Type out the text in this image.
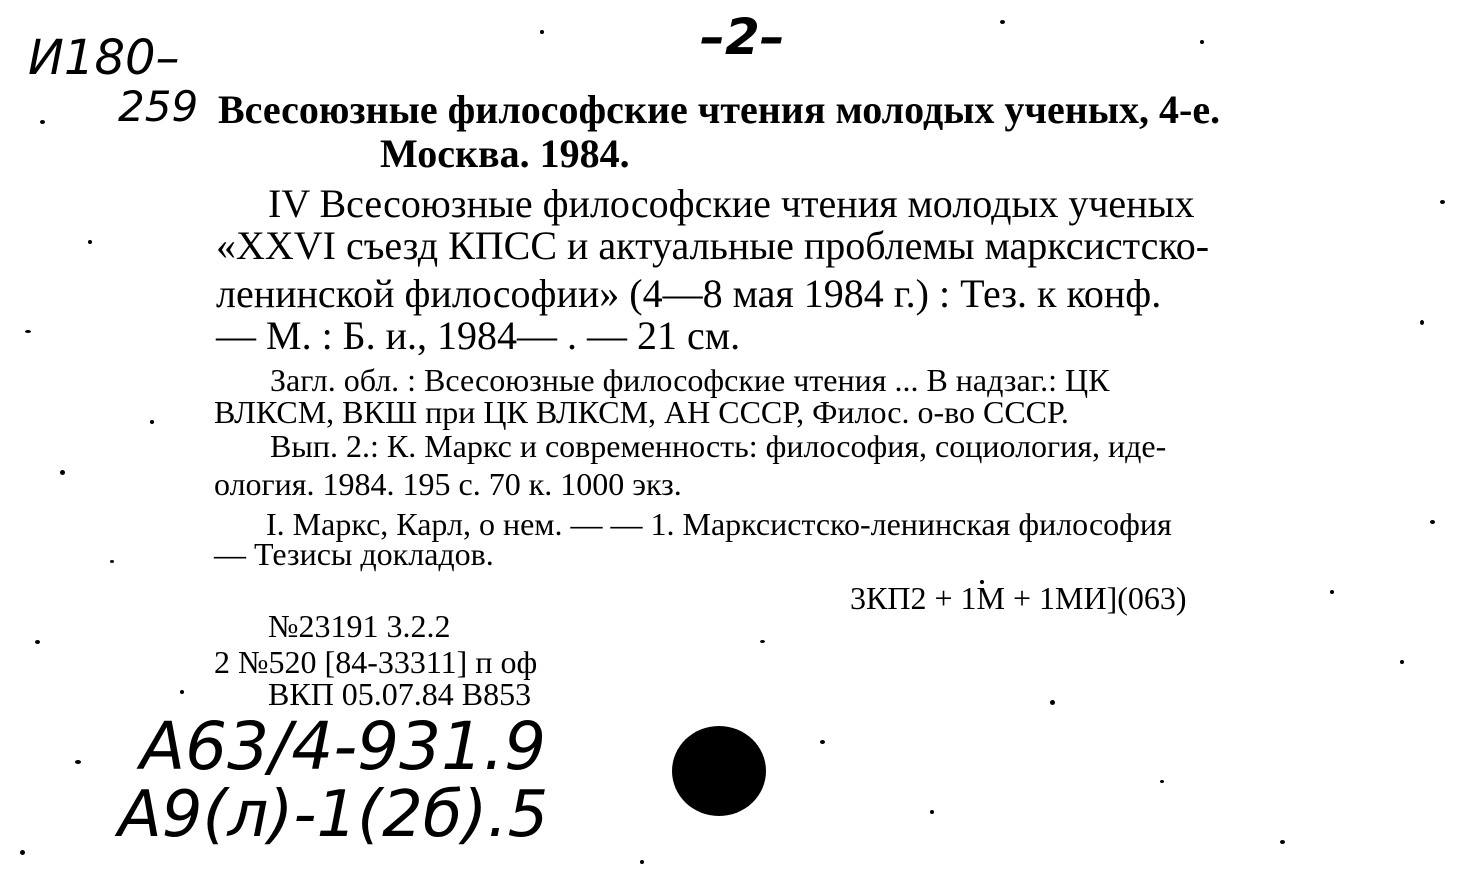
И180–	–2–
259 Всесоюзные философские чтения молодых ученых, 4-е.
Москва. 1984.
IV Всесоюзные философские чтения молодых ученых
«XXVI съезд КПСС и актуальные проблемы марксистско-
ленинской философии» (4—8 мая 1984 г.) : Тез. к конф.
— М. : Б. и., 1984— . — 21 см.
Загл. обл. : Всесоюзные философские чтения ... В надзаг.: ЦК
ВЛКСМ, ВКШ при ЦК ВЛКСМ, АН СССР, Филос. о-во СССР.
Вып. 2.: К. Маркс и современность: философия, социология, иде-
ология. 1984. 195 с. 70 к. 1000 экз.
I. Маркс, Карл, о нем. — — 1. Марксистско-ленинская философия
— Тезисы докладов.
3КП2 + 1М + 1МИ](063)
№23191 3.2.2
2 №520 [84-33311] п оф
ВКП 05.07.84 В853
А63/4-931.9
А9(л)-1(2б).5
